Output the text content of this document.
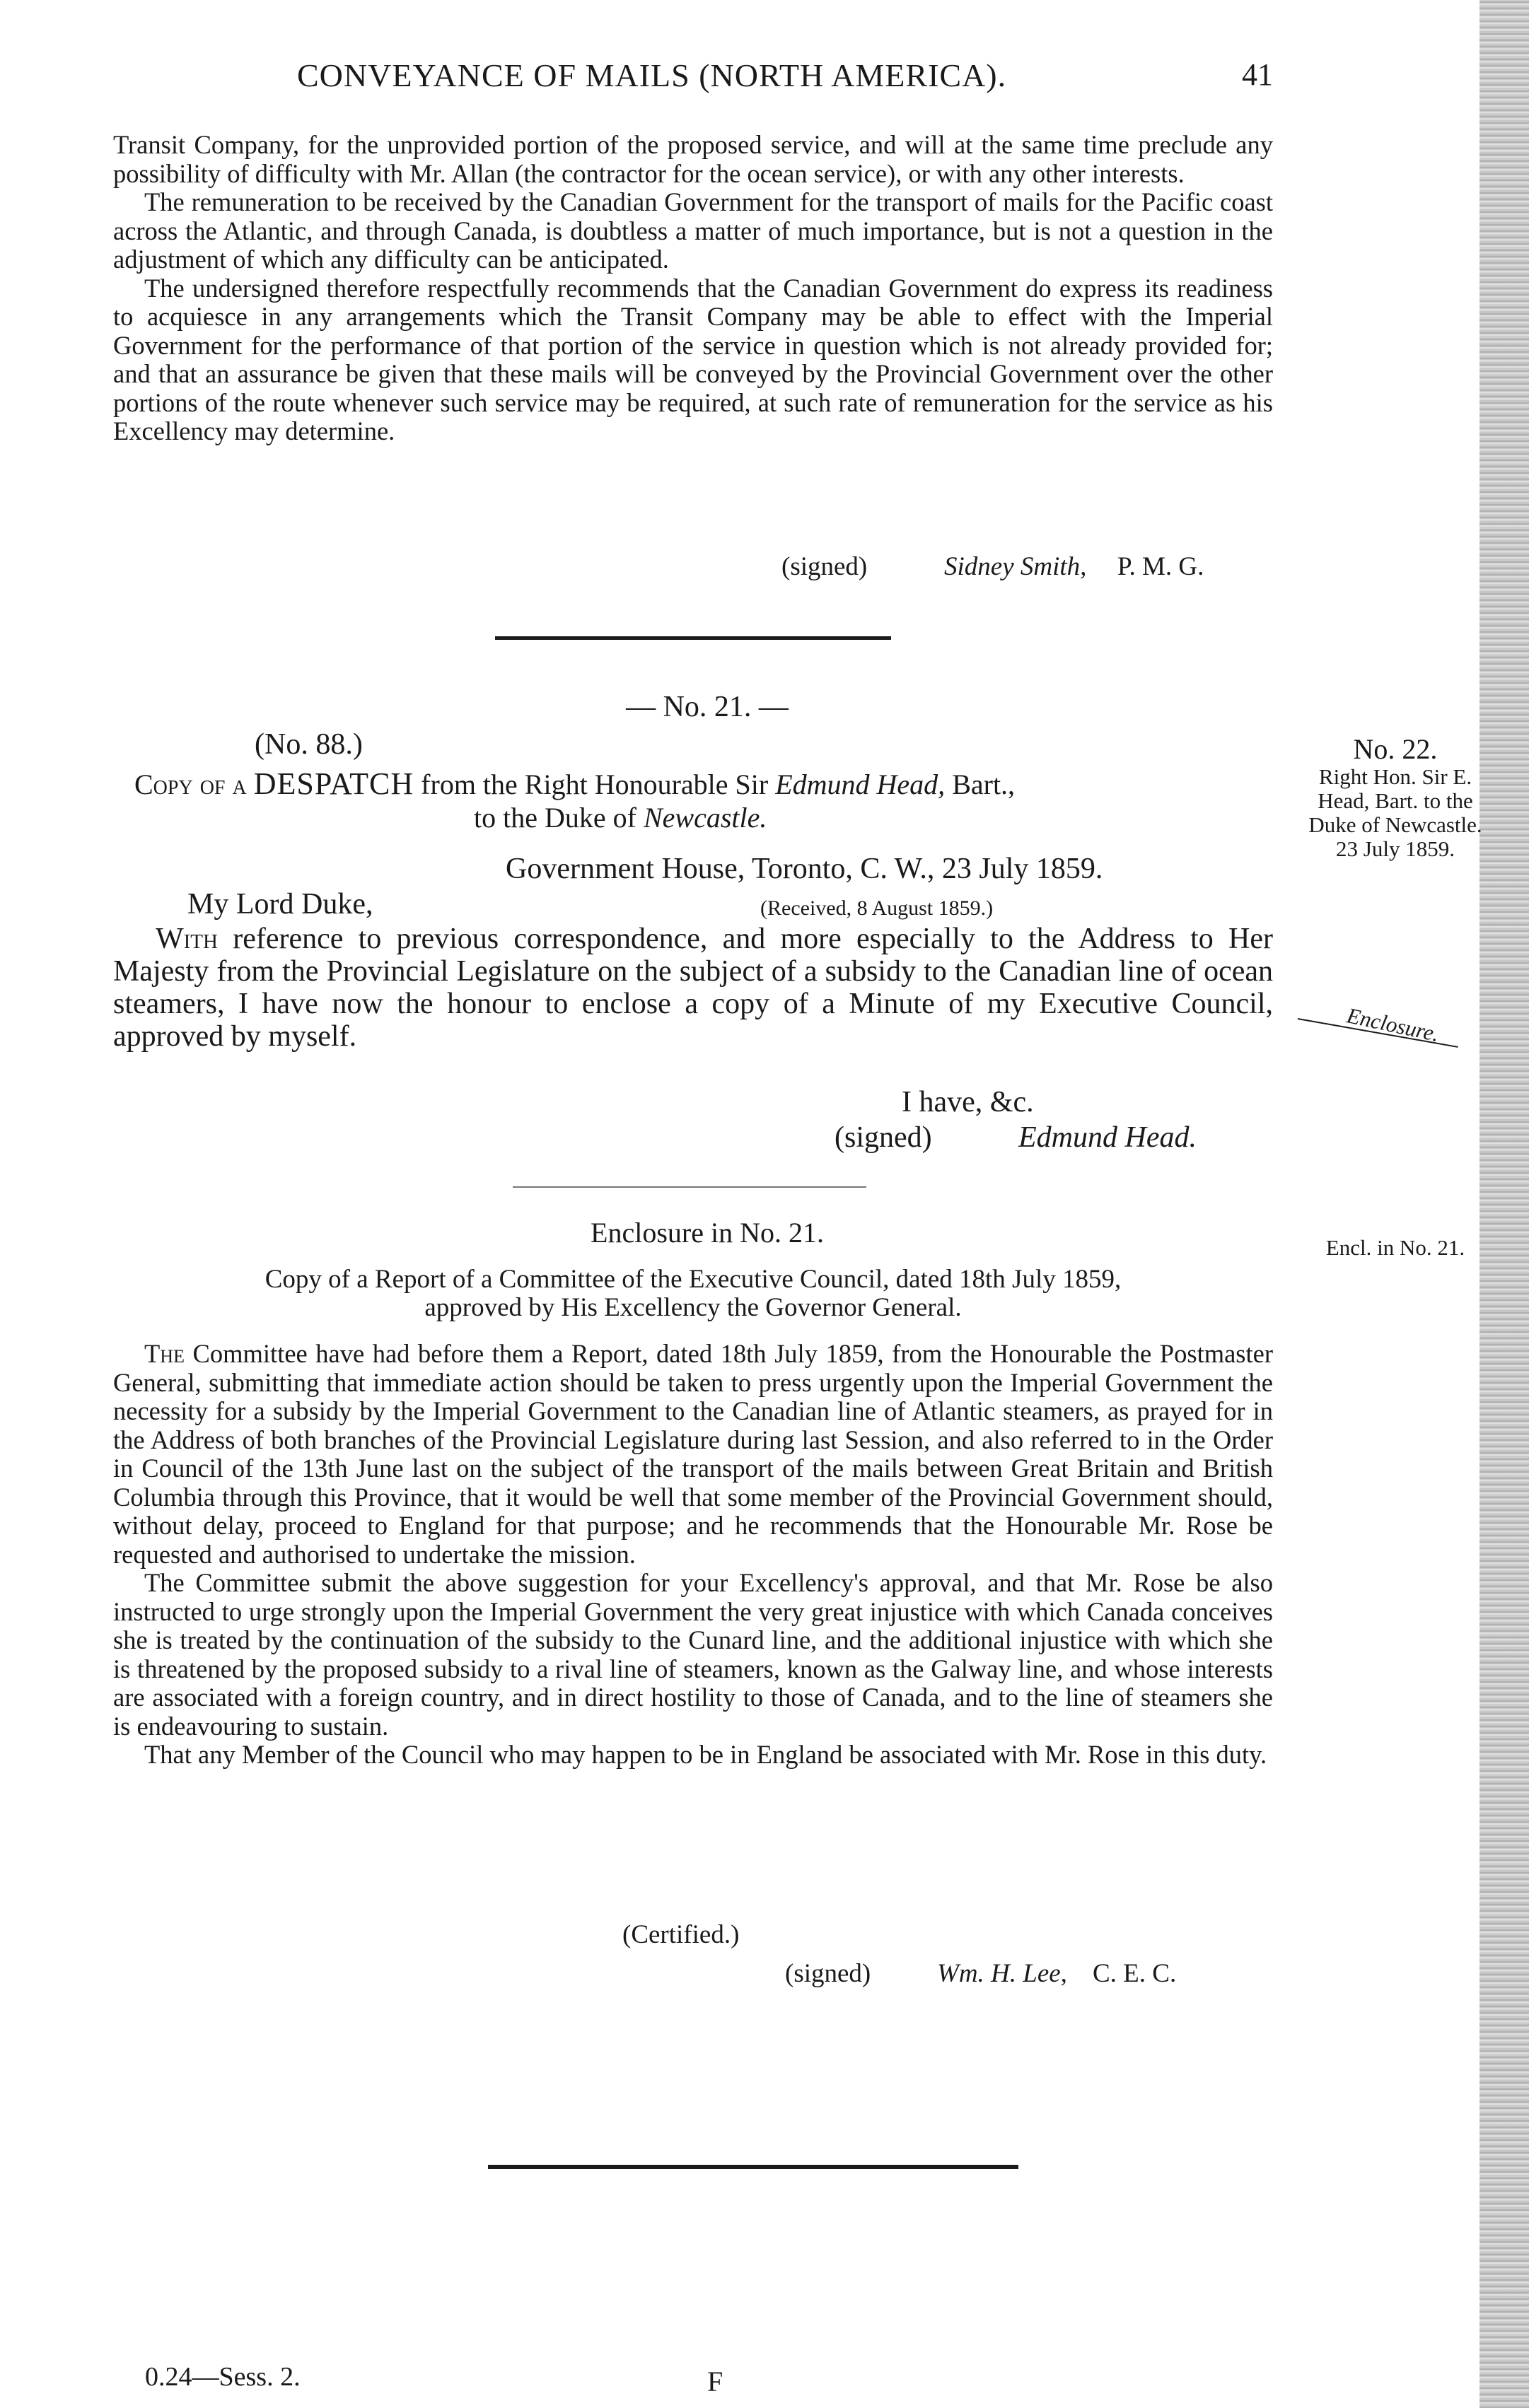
CONVEYANCE OF MAILS (NORTH AMERICA).	41

Transit Company, for the unprovided portion of the proposed service, and will at the same time preclude any possibility of difficulty with Mr. Allan (the contractor for the ocean service), or with any other interests.

The remuneration to be received by the Canadian Government for the transport of mails for the Pacific coast across the Atlantic, and through Canada, is doubtless a matter of much importance, but is not a question in the adjustment of which any difficulty can be anticipated.

The undersigned therefore respectfully recommends that the Canadian Government do express its readiness to acquiesce in any arrangements which the Transit Company may be able to effect with the Imperial Government for the performance of that portion of the service in question which is not already provided for; and that an assurance be given that these mails will be conveyed by the Provincial Government over the other portions of the route whenever such service may be required, at such rate of remuneration for the service as his Excellency may determine.

(signed)	Sidney Smith, P. M. G.
— No. 21. —
(No. 88.)
Copy of a DESPATCH from the Right Honourable Sir Edmund Head, Bart.,
to the Duke of Newcastle.
Government House, Toronto, C. W., 23 July 1859.
My Lord Duke,	(Received, 8 August 1859.)
With reference to previous correspondence, and more especially to the Address to Her Majesty from the Provincial Legislature on the subject of a subsidy to the Canadian line of ocean steamers, I have now the honour to enclose a copy of a Minute of my Executive Council, approved by myself.
I have, &c.
(signed)	Edmund Head.
Enclosure in No. 21.
Copy of a Report of a Committee of the Executive Council, dated 18th July 1859,
approved by His Excellency the Governor General.

The Committee have had before them a Report, dated 18th July 1859, from the Honourable the Postmaster General, submitting that immediate action should be taken to press urgently upon the Imperial Government the necessity for a subsidy by the Imperial Government to the Canadian line of Atlantic steamers, as prayed for in the Address of both branches of the Provincial Legislature during last Session, and also referred to in the Order in Council of the 13th June last on the subject of the transport of the mails between Great Britain and British Columbia through this Province, that it would be well that some member of the Provincial Government should, without delay, proceed to England for that purpose; and he recommends that the Honourable Mr. Rose be requested and authorised to undertake the mission.

The Committee submit the above suggestion for your Excellency's approval, and that Mr. Rose be also instructed to urge strongly upon the Imperial Government the very great injustice with which Canada conceives she is treated by the continuation of the subsidy to the Cunard line, and the additional injustice with which she is threatened by the proposed subsidy to a rival line of steamers, known as the Galway line, and whose interests are associated with a foreign country, and in direct hostility to those of Canada, and to the line of steamers she is endeavouring to sustain.

That any Member of the Council who may happen to be in England be associated with Mr. Rose in this duty.

(Certified.)
(signed)	Wm. H. Lee, C. E. C.
No. 22.
Right Hon. Sir E.
Head, Bart. to the
Duke of Newcastle.
23 July 1859.
Enclosure.
Encl. in No. 21.
0.24—Sess. 2.	F
